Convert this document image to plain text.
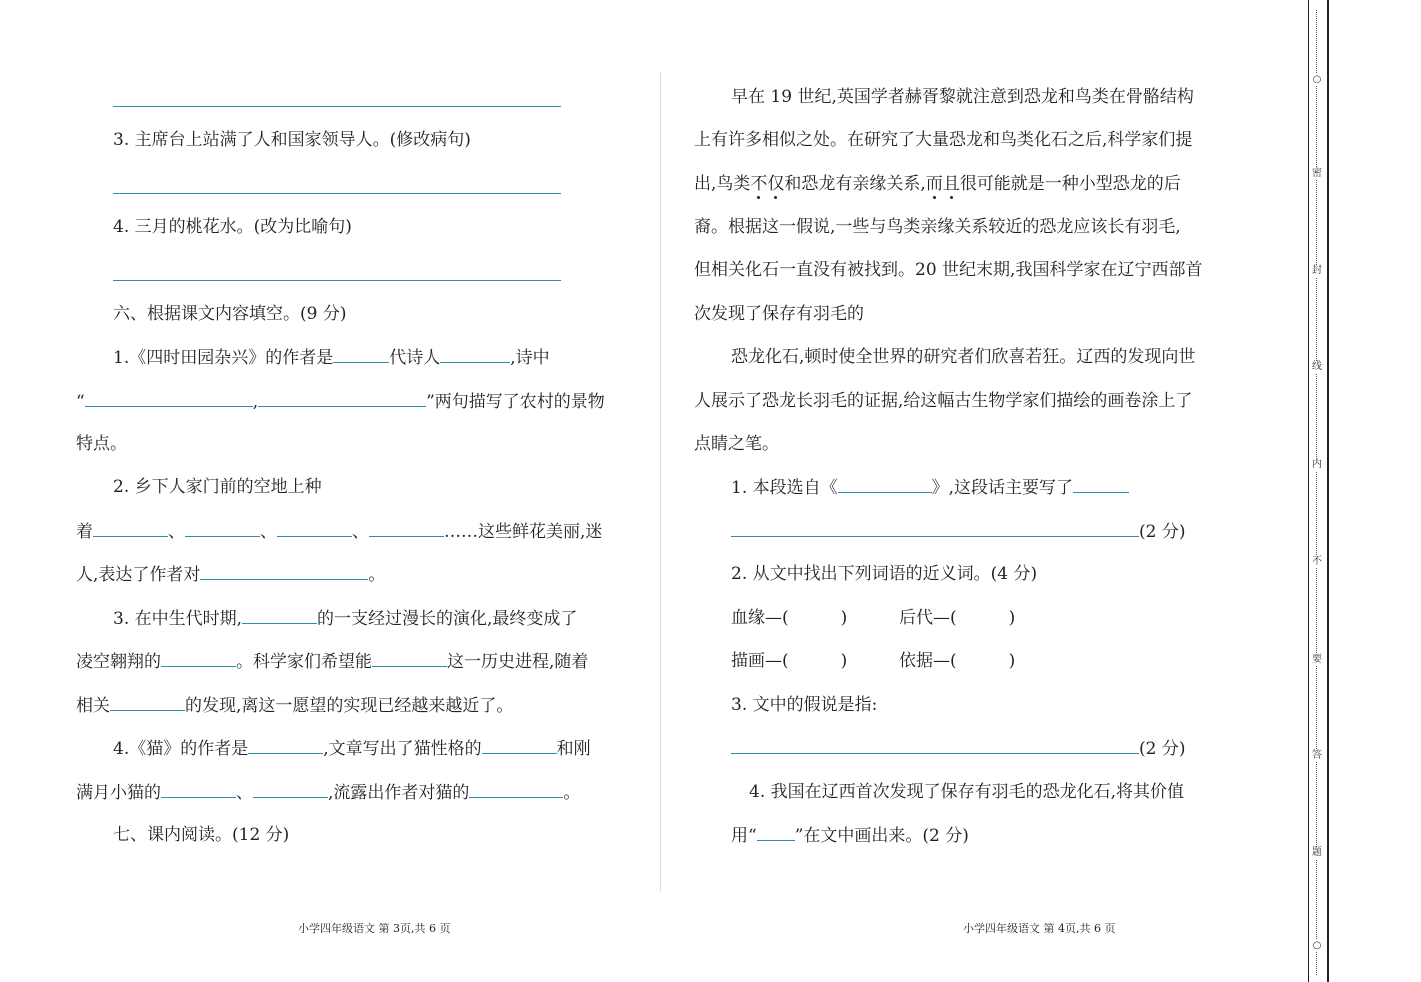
3. 主席台上站满了人和国家领导人。(修改病句)
4. 三月的桃花水。(改为比喻句)
六、根据课文内容填空。(9 分)
1.《四时田园杂兴》的作者是	代诗人	,诗中
“	,	”两句描写了农村的景物
特点。
2. 乡下人家门前的空地上种
着	、	、	、	……这些鲜花美丽,迷
人,表达了作者对	。
3. 在中生代时期,	的一支经过漫长的演化,最终变成了
凌空翱翔的	。科学家们希望能	这一历史进程,随着
相关	的发现,离这一愿望的实现已经越来越近了。
4.《猫》的作者是	,文章写出了猫性格的	和刚
满月小猫的	、	,流露出作者对猫的	。
七、课内阅读。(12 分)
小学四年级语文 第 3页,共 6 页
早在 19 世纪,英国学者赫胥黎就注意到恐龙和鸟类在骨骼结构
上有许多相似之处。在研究了大量恐龙和鸟类化石之后,科学家们提
出,鸟类不仅和恐龙有亲缘关系,而且很可能就是一种小型恐龙的后
裔。根据这一假说,一些与鸟类亲缘关系较近的恐龙应该长有羽毛,
但相关化石一直没有被找到。20 世纪末期,我国科学家在辽宁西部首
次发现了保存有羽毛的
恐龙化石,顿时使全世界的研究者们欣喜若狂。辽西的发现向世
人展示了恐龙长羽毛的证据,给这幅古生物学家们描绘的画卷涂上了
点睛之笔。
1. 本段选自《	》,这段话主要写了
(2 分)
2. 从文中找出下列词语的近义词。(4 分)
血缘—(	)	后代—(	)
描画—(	)	依据—(	)
3. 文中的假说是指:
(2 分)
4. 我国在辽西首次发现了保存有羽毛的恐龙化石,将其价值
用“ ”在文中画出来。(2 分)
小学四年级语文 第 4页,共 6 页
○
密
封
线
内
不
要
答
题
○
